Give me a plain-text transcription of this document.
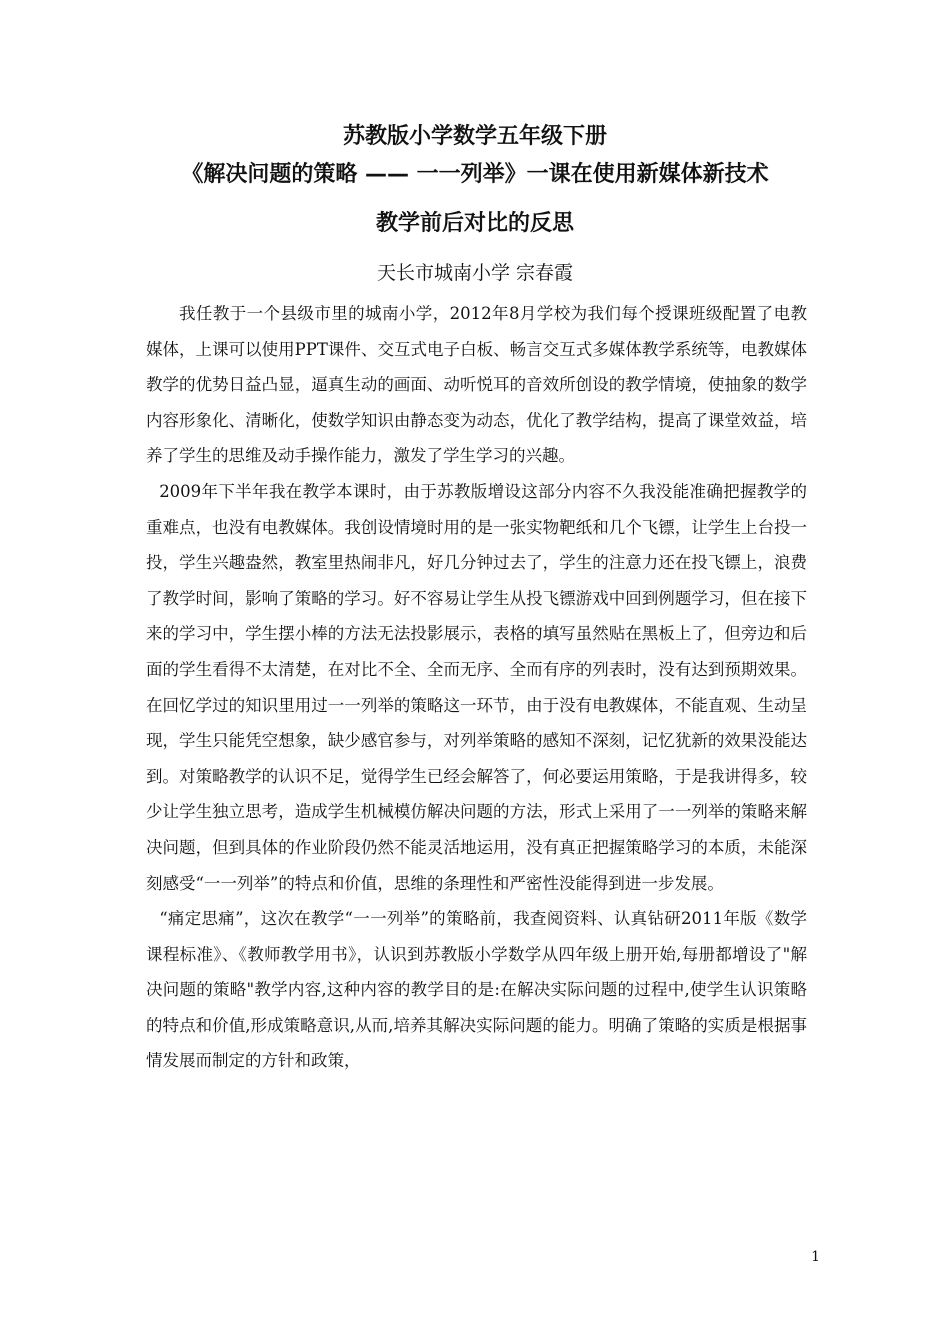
苏教版小学数学五年级下册
《解决问题的策略 —— 一一列举》一课在使用新媒体新技术
教学前后对比的反思
天长市城南小学 宗春霞

我任教于一个县级市里的城南小学，2012年8月学校为我们每个授课班级配置了电教媒体，上课可以使用PPT课件、交互式电子白板、畅言交互式多媒体教学系统等，电教媒体教学的优势日益凸显，逼真生动的画面、动听悦耳的音效所创设的教学情境，使抽象的数学内容形象化、清晰化，使数学知识由静态变为动态，优化了教学结构，提高了课堂效益，培养了学生的思维及动手操作能力，激发了学生学习的兴趣。

2009年下半年我在教学本课时，由于苏教版增设这部分内容不久我没能准确把握教学的重难点，也没有电教媒体。我创设情境时用的是一张实物靶纸和几个飞镖，让学生上台投一投，学生兴趣盎然，教室里热闹非凡，好几分钟过去了，学生的注意力还在投飞镖上，浪费了教学时间，影响了策略的学习。好不容易让学生从投飞镖游戏中回到例题学习，但在接下来的学习中，学生摆小棒的方法无法投影展示，表格的填写虽然贴在黑板上了，但旁边和后面的学生看得不太清楚，在对比不全、全而无序、全而有序的列表时，没有达到预期效果。在回忆学过的知识里用过一一列举的策略这一环节，由于没有电教媒体，不能直观、生动呈现，学生只能凭空想象，缺少感官参与，对列举策略的感知不深刻，记忆犹新的效果没能达到。对策略教学的认识不足，觉得学生已经会解答了，何必要运用策略，于是我讲得多，较少让学生独立思考，造成学生机械模仿解决问题的方法，形式上采用了一一列举的策略来解决问题，但到具体的作业阶段仍然不能灵活地运用，没有真正把握策略学习的本质，未能深刻感受“一一列举”的特点和价值，思维的条理性和严密性没能得到进一步发展。

“痛定思痛”，这次在教学“一一列举”的策略前，我查阅资料、认真钻研2011年版《数学课程标准》、《教师教学用书》，认识到苏教版小学数学从四年级上册开始,每册都增设了"解决问题的策略"教学内容,这种内容的教学目的是:在解决实际问题的过程中,使学生认识策略的特点和价值,形成策略意识,从而,培养其解决实际问题的能力。明确了策略的实质是根据事情发展而制定的方针和政策，

1
